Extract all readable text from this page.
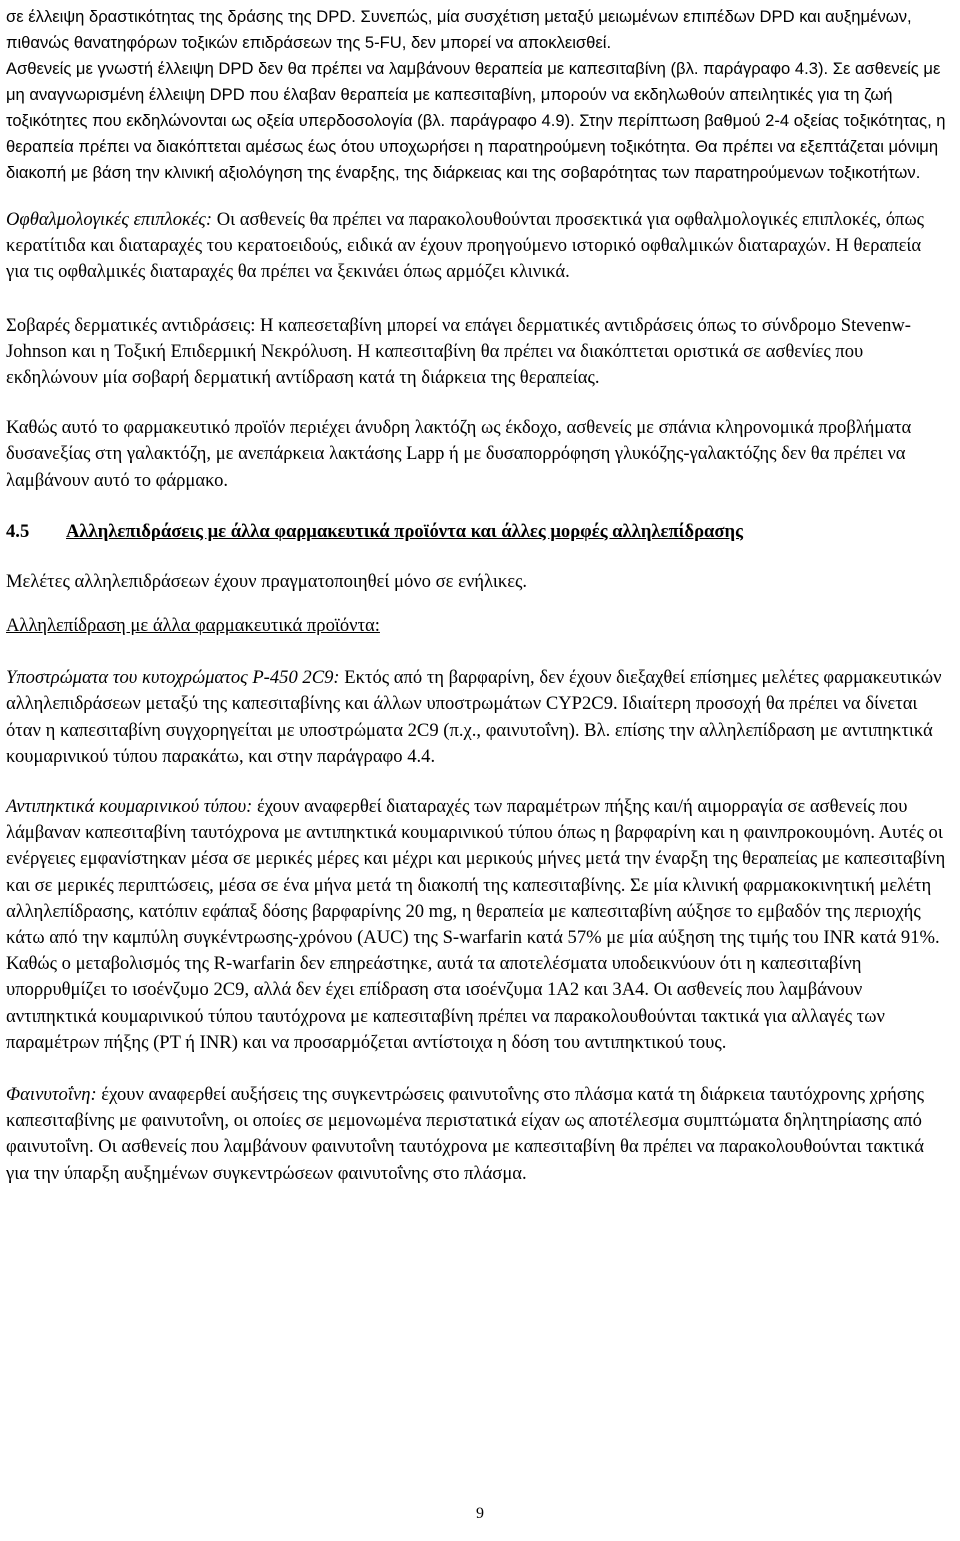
σε έλλειψη δραστικότητας της δράσης της DPD. Συνεπώς, μία συσχέτιση μεταξύ μειωμένων επιπέδων DPD και αυξημένων, πιθανώς θανατηφόρων τοξικών επιδράσεων της 5-FU, δεν μπορεί να αποκλεισθεί.

Ασθενείς με γνωστή έλλειψη DPD δεν θα πρέπει να λαμβάνουν θεραπεία με καπεσιταβίνη (βλ. παράγραφο 4.3). Σε ασθενείς με μη αναγνωρισμένη έλλειψη DPD που έλαβαν θεραπεία με καπεσιταβίνη, μπορούν να εκδηλωθούν απειλητικές για τη ζωή τοξικότητες που εκδηλώνονται ως οξεία υπερδοσολογία (βλ. παράγραφο 4.9). Στην περίπτωση βαθμού 2-4 οξείας τοξικότητας, η θεραπεία πρέπει να διακόπτεται αμέσως έως ότου υποχωρήσει η παρατηρούμενη τοξικότητα. Θα πρέπει να εξεπτάζεται μόνιμη διακοπή με βάση την κλινική αξιολόγηση της έναρξης, της διάρκειας και της σοβαρότητας των παρατηρούμενων τοξικοτήτων.

Οφθαλμολογικές επιπλοκές: Οι ασθενείς θα πρέπει να παρακολουθούνται προσεκτικά για οφθαλμολογικές επιπλοκές, όπως κερατίτιδα και διαταραχές του κερατοειδούς, ειδικά αν έχουν προηγούμενο ιστορικό οφθαλμικών διαταραχών. Η θεραπεία για τις οφθαλμικές διαταραχές θα πρέπει να ξεκινάει όπως αρμόζει κλινικά.

Σοβαρές δερματικές αντιδράσεις: Η καπεσεταβίνη μπορεί να επάγει δερματικές αντιδράσεις όπως το σύνδρομο Stevenw-Johnson και η Τοξική Επιδερμική Νεκρόλυση. Η καπεσιταβίνη θα πρέπει να διακόπτεται οριστικά σε ασθενίες που εκδηλώνουν μία σοβαρή δερματική αντίδραση κατά τη διάρκεια της θεραπείας.

Καθώς αυτό το φαρμακευτικό προϊόν περιέχει άνυδρη λακτόζη ως έκδοχο, ασθενείς με σπάνια κληρονομικά προβλήματα δυσανεξίας στη γαλακτόζη, με ανεπάρκεια λακτάσης Lapp ή με δυσαπορρόφηση γλυκόζης-γαλακτόζης δεν θα πρέπει να λαμβάνουν αυτό το φάρμακο.

4.5	Αλληλεπιδράσεις με άλλα φαρμακευτικά προϊόντα και άλλες μορφές αλληλεπίδρασης

Μελέτες αλληλεπιδράσεων έχουν πραγματοποιηθεί μόνο σε ενήλικες.

Αλληλεπίδραση με άλλα φαρμακευτικά προϊόντα:

Υποστρώματα του κυτοχρώματος P-450 2C9: Εκτός από τη βαρφαρίνη, δεν έχουν διεξαχθεί επίσημες μελέτες φαρμακευτικών αλληλεπιδράσεων μεταξύ της καπεσιταβίνης και άλλων υποστρωμάτων CYP2C9. Ιδιαίτερη προσοχή θα πρέπει να δίνεται όταν η καπεσιταβίνη συγχορηγείται με υποστρώματα 2C9 (π.χ., φαινυτοΐνη). Βλ. επίσης την αλληλεπίδραση με αντιπηκτικά κουμαρινικού τύπου παρακάτω, και στην παράγραφο 4.4.

Αντιπηκτικά κουμαρινικού τύπου: έχουν αναφερθεί διαταραχές των παραμέτρων πήξης και/ή αιμορραγία σε ασθενείς που λάμβαναν καπεσιταβίνη ταυτόχρονα με αντιπηκτικά κουμαρινικού τύπου όπως η βαρφαρίνη και η φαινπροκουμόνη. Αυτές οι ενέργειες εμφανίστηκαν μέσα σε μερικές μέρες και μέχρι και μερικούς μήνες μετά την έναρξη της θεραπείας με καπεσιταβίνη και σε μερικές περιπτώσεις, μέσα σε ένα μήνα μετά τη διακοπή της καπεσιταβίνης. Σε μία κλινική φαρμακοκινητική μελέτη αλληλεπίδρασης, κατόπιν εφάπαξ δόσης βαρφαρίνης 20 mg, η θεραπεία με καπεσιταβίνη αύξησε το εμβαδόν της περιοχής κάτω από την καμπύλη συγκέντρωσης-χρόνου (AUC) της S-warfarin κατά 57% με μία αύξηση της τιμής του INR κατά 91%. Καθώς ο μεταβολισμός της R-warfarin δεν επηρεάστηκε, αυτά τα αποτελέσματα υποδεικνύουν ότι η καπεσιταβίνη υπορρυθμίζει το ισοένζυμο 2C9, αλλά δεν έχει επίδραση στα ισοένζυμα 1A2 και 3A4. Οι ασθενείς που λαμβάνουν αντιπηκτικά κουμαρινικού τύπου ταυτόχρονα με καπεσιταβίνη πρέπει να παρακολουθούνται τακτικά για αλλαγές των παραμέτρων πήξης (PT ή INR) και να προσαρμόζεται αντίστοιχα η δόση του αντιπηκτικού τους.

Φαινυτοΐνη: έχουν αναφερθεί αυξήσεις της συγκεντρώσεις φαινυτοΐνης στο πλάσμα κατά τη διάρκεια ταυτόχρονης χρήσης καπεσιταβίνης με φαινυτοΐνη, οι οποίες σε μεμονωμένα περιστατικά είχαν ως αποτέλεσμα συμπτώματα δηλητηρίασης από φαινυτοΐνη. Οι ασθενείς που λαμβάνουν φαινυτοΐνη ταυτόχρονα με καπεσιταβίνη θα πρέπει να παρακολουθούνται τακτικά για την ύπαρξη αυξημένων συγκεντρώσεων φαινυτοΐνης στο πλάσμα.

9
